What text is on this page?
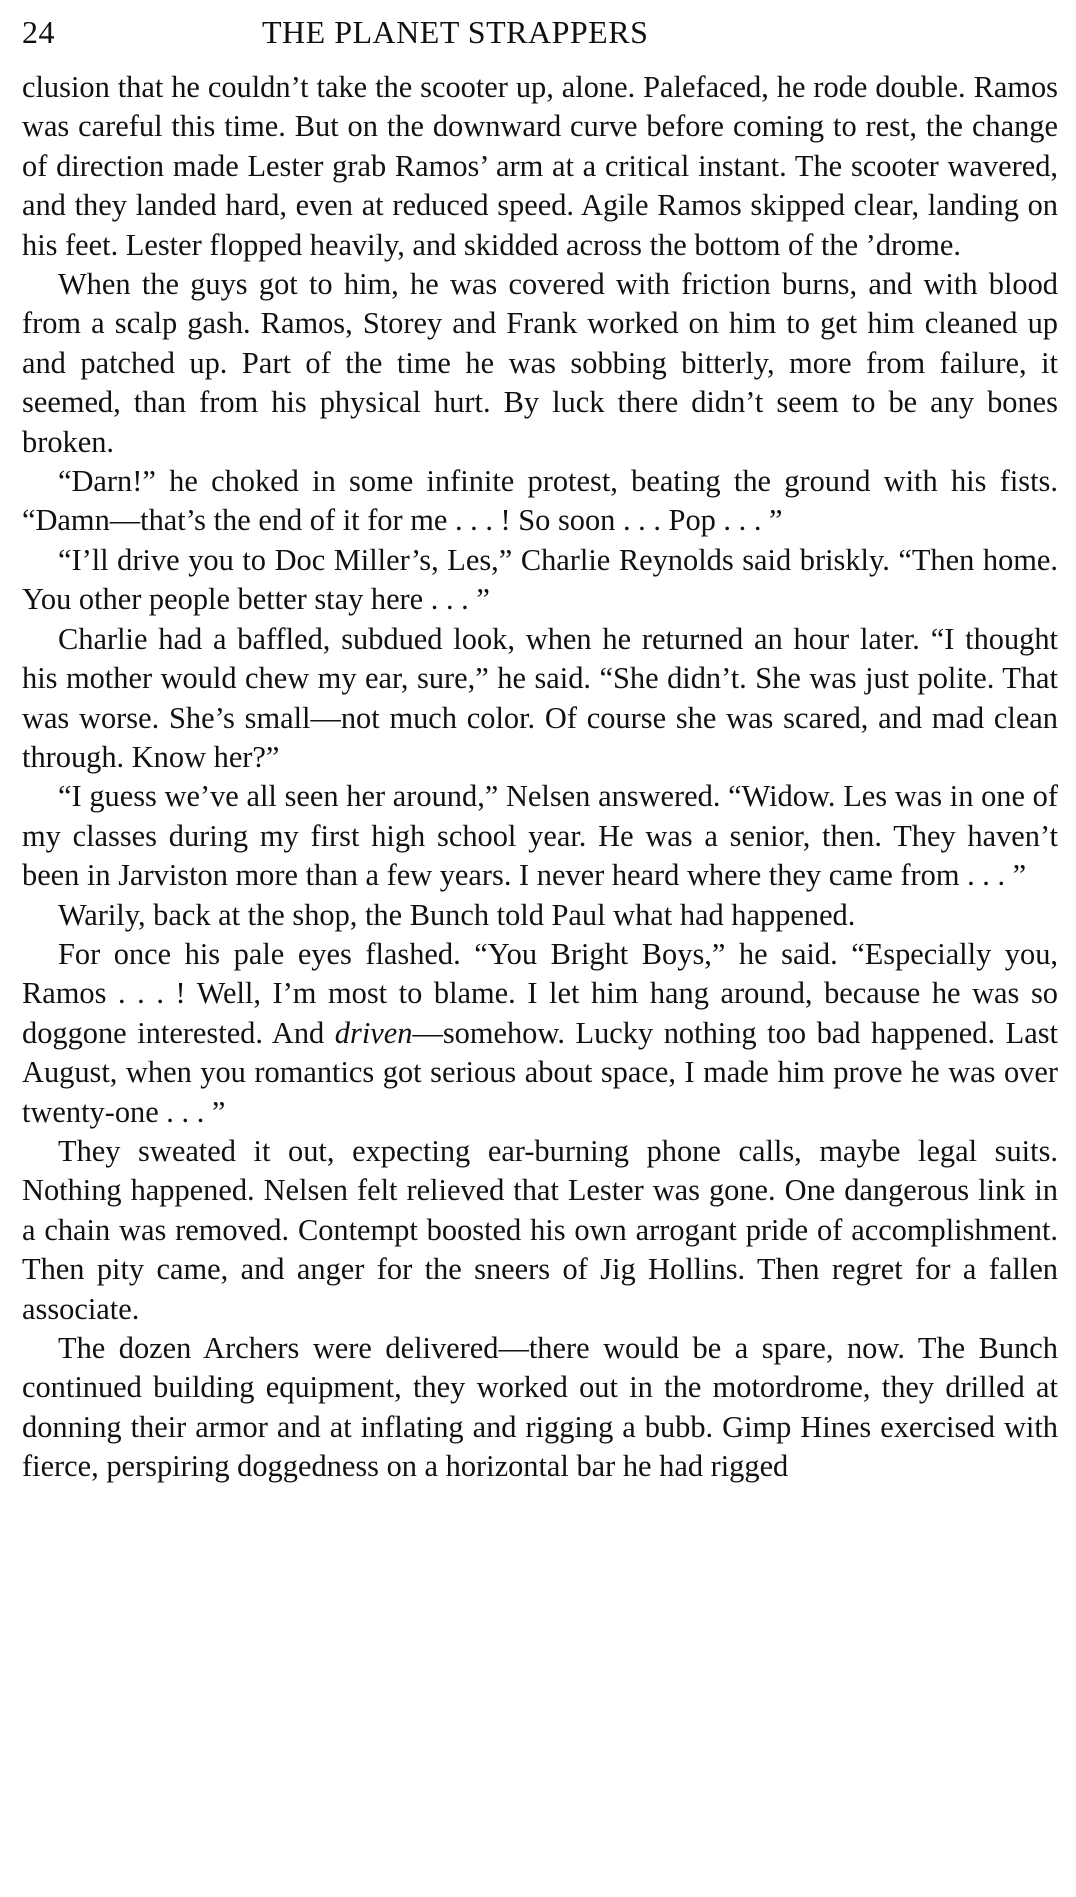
24	THE PLANET STRAPPERS

clusion that he couldn’t take the scooter up, alone. Palefaced, he rode double. Ramos was careful this time. But on the downward curve before coming to rest, the change of direction made Lester grab Ramos’ arm at a critical instant. The scooter wavered, and they landed hard, even at reduced speed. Agile Ramos skipped clear, landing on his feet. Lester flopped heavily, and skidded across the bottom of the ’drome.

When the guys got to him, he was covered with friction burns, and with blood from a scalp gash. Ramos, Storey and Frank worked on him to get him cleaned up and patched up. Part of the time he was sobbing bitterly, more from failure, it seemed, than from his physical hurt. By luck there didn’t seem to be any bones broken.

“Darn!” he choked in some infinite protest, beating the ground with his fists. “Damn—that’s the end of it for me . . . ! So soon . . . Pop . . . ”

“I’ll drive you to Doc Miller’s, Les,” Charlie Reynolds said briskly. “Then home. You other people better stay here . . . ”

Charlie had a baffled, subdued look, when he returned an hour later. “I thought his mother would chew my ear, sure,” he said. “She didn’t. She was just polite. That was worse. She’s small—not much color. Of course she was scared, and mad clean through. Know her?”

“I guess we’ve all seen her around,” Nelsen answered. “Widow. Les was in one of my classes during my first high school year. He was a senior, then. They haven’t been in Jarviston more than a few years. I never heard where they came from . . . ”

Warily, back at the shop, the Bunch told Paul what had happened.

For once his pale eyes flashed. “You Bright Boys,” he said. “Especially you, Ramos . . . ! Well, I’m most to blame. I let him hang around, because he was so doggone interested. And driven—somehow. Lucky nothing too bad happened. Last August, when you romantics got serious about space, I made him prove he was over twenty-one . . . ”

They sweated it out, expecting ear-burning phone calls, maybe legal suits. Nothing happened. Nelsen felt relieved that Lester was gone. One dangerous link in a chain was removed. Contempt boosted his own arrogant pride of accomplishment. Then pity came, and anger for the sneers of Jig Hollins. Then regret for a fallen associate.

The dozen Archers were delivered—there would be a spare, now. The Bunch continued building equipment, they worked out in the motordrome, they drilled at donning their armor and at inflating and rigging a bubb. Gimp Hines exercised with fierce, perspiring doggedness on a horizontal bar he had rigged
